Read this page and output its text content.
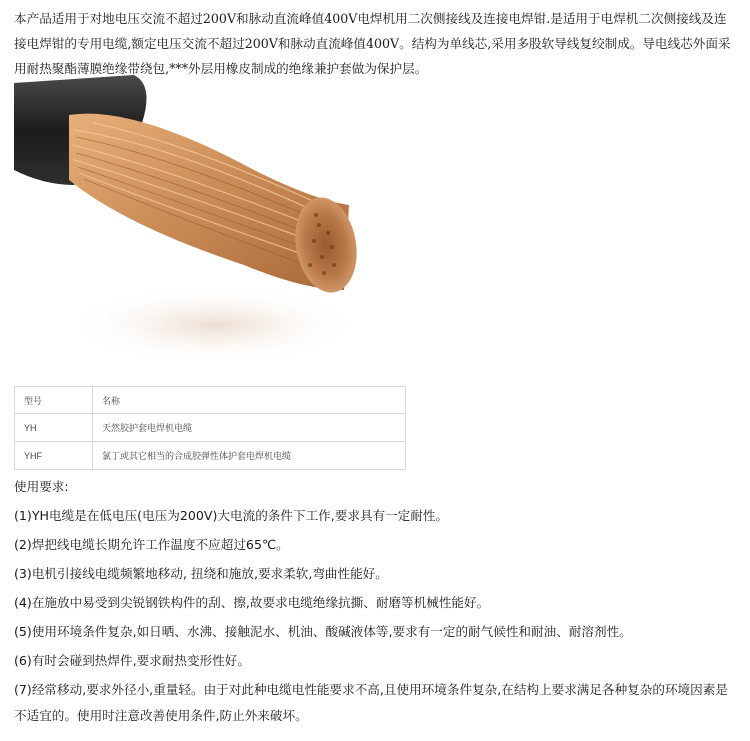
本产品适用于对地电压交流不超过200V和脉动直流峰值400V电焊机用二次侧接线及连接电焊钳.是适用于电焊机二次侧接线及连接电焊钳的专用电缆,额定电压交流不超过200V和脉动直流峰值400V。结构为单线芯,采用多股软导线复绞制成。导电线芯外面采用耐热聚酯薄膜绝缘带绕包,***外层用橡皮制成的绝缘兼护套做为保护层。

型号	名称
YH	天然胶护套电焊机电缆
YHF	氯丁或其它相当的合成胶弹性体护套电焊机电缆

使用要求:

(1)YH电缆是在低电压(电压为200V)大电流的条件下工作,要求具有一定耐性。
(2)焊把线电缆长期允许工作温度不应超过65℃。
(3)电机引接线电缆频繁地移动, 扭绕和施放,要求柔软,弯曲性能好。
(4)在施放中易受到尖锐钢铁构件的刮、擦,故要求电缆绝缘抗撕、耐磨等机械性能好。
(5)使用环境条件复杂,如日晒、水沸、接触泥水、机油、酸碱液体等,要求有一定的耐气候性和耐油、耐溶剂性。
(6)有时会碰到热焊件,要求耐热变形性好。
(7)经常移动,要求外径小,重量轻。由于对此种电缆电性能要求不高,且使用环境条件复杂,在结构上要求满足各种复杂的环境因素是不适宜的。使用时注意改善使用条件,防止外来破坏。
